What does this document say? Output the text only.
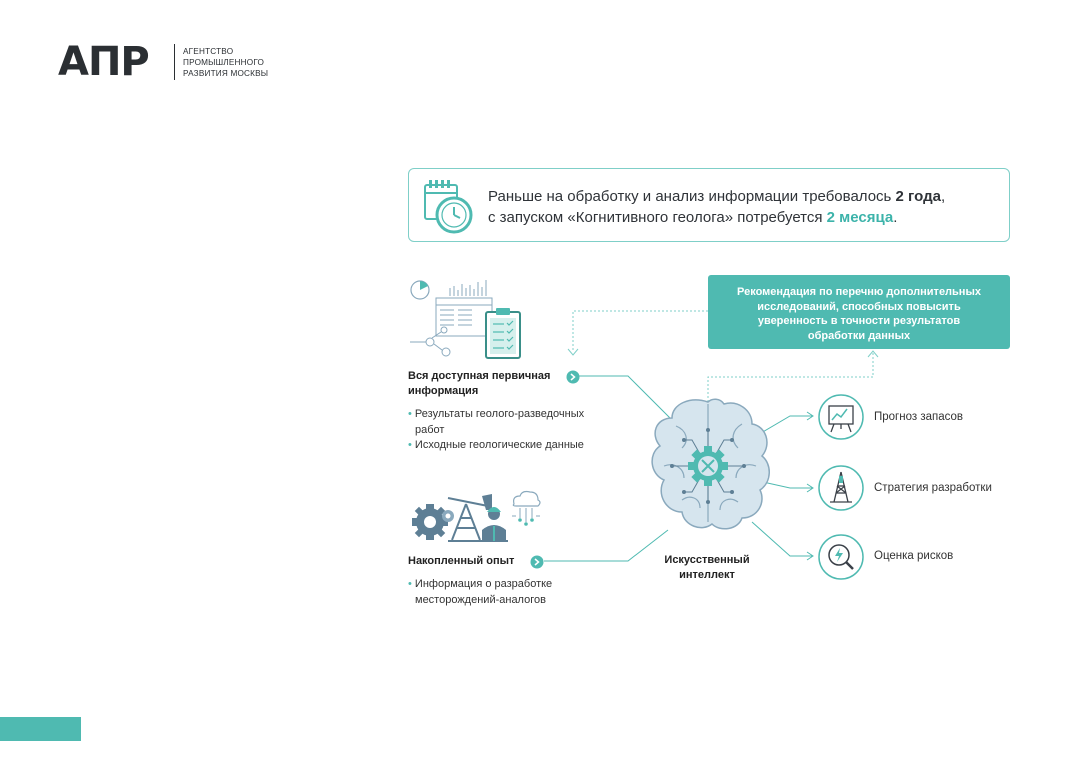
АПР	АГЕНТСТВО
ПРОМЫШЛЕННОГО
РАЗВИТИЯ МОСКВЫ
Раньше на обработку и анализ информации требовалось 2 года,
с запуском «Когнитивного геолога» потребуется 2 месяца.
Рекомендация по перечню дополнительных
исследований, способных повысить
уверенность в точности результатов
обработки данных
Вся доступная первичная
информация
• Результаты геолого-разведочных
работ
• Исходные геологические данные
Накопленный опыт
• Информация о разработке
месторождений-аналогов
Искусственный
интеллект
Прогноз запасов
Стратегия разработки
Оценка рисков
